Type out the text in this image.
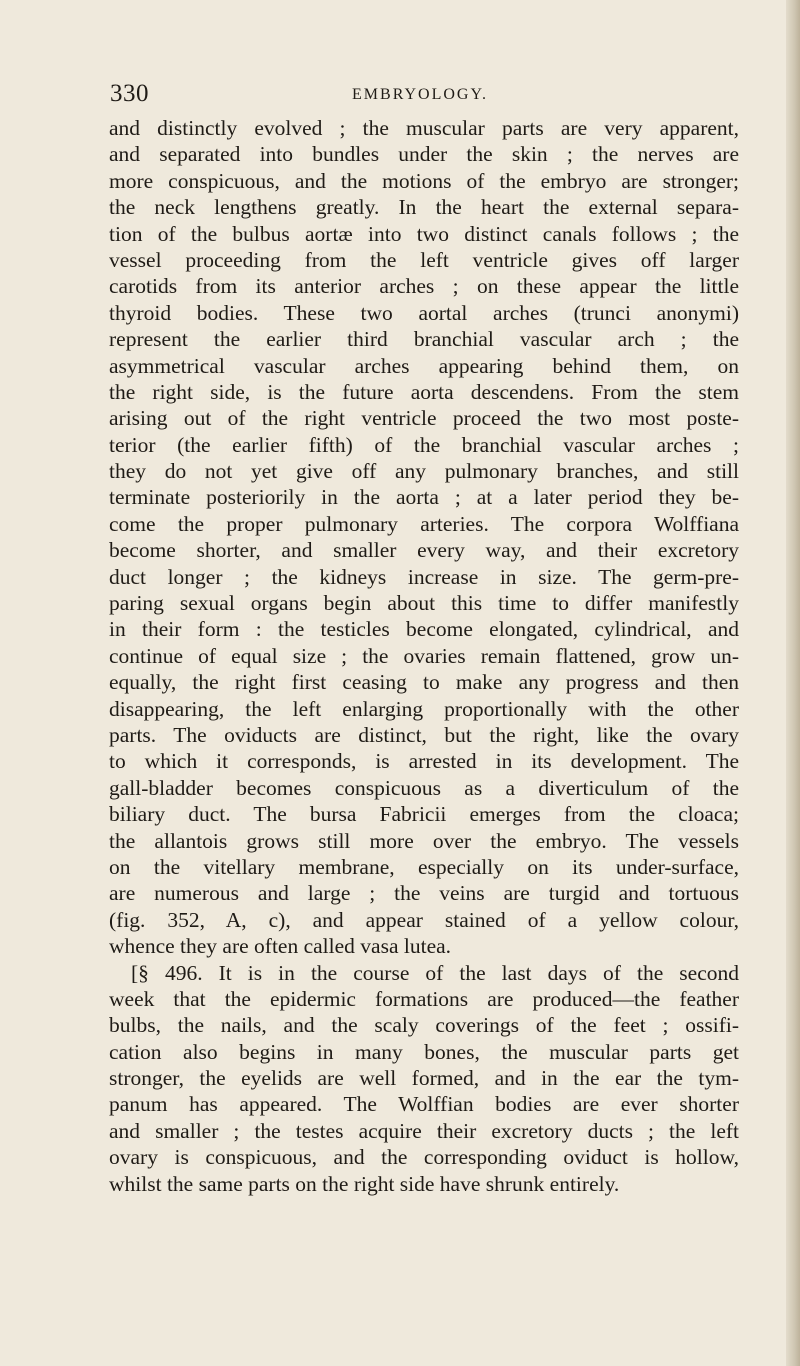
330	EMBRYOLOGY.
and distinctly evolved ; the muscular parts are very apparent,
and separated into bundles under the skin ; the nerves are
more conspicuous, and the motions of the embryo are stronger;
the neck lengthens greatly. In the heart the external separa-
tion of the bulbus aortæ into two distinct canals follows ; the
vessel proceeding from the left ventricle gives off larger
carotids from its anterior arches ; on these appear the little
thyroid bodies. These two aortal arches (trunci anonymi)
represent the earlier third branchial vascular arch ; the
asymmetrical vascular arches appearing behind them, on
the right side, is the future aorta descendens. From the stem
arising out of the right ventricle proceed the two most poste-
terior (the earlier fifth) of the branchial vascular arches ;
they do not yet give off any pulmonary branches, and still
terminate posteriorily in the aorta ; at a later period they be-
come the proper pulmonary arteries. The corpora Wolffiana
become shorter, and smaller every way, and their excretory
duct longer ; the kidneys increase in size. The germ-pre-
paring sexual organs begin about this time to differ manifestly
in their form : the testicles become elongated, cylindrical, and
continue of equal size ; the ovaries remain flattened, grow un-
equally, the right first ceasing to make any progress and then
disappearing, the left enlarging proportionally with the other
parts. The oviducts are distinct, but the right, like the ovary
to which it corresponds, is arrested in its development. The
gall-bladder becomes conspicuous as a diverticulum of the
biliary duct. The bursa Fabricii emerges from the cloaca;
the allantois grows still more over the embryo. The vessels
on the vitellary membrane, especially on its under-surface,
are numerous and large ; the veins are turgid and tortuous
(fig. 352, A, c), and appear stained of a yellow colour,
whence they are often called vasa lutea.
[§ 496. It is in the course of the last days of the second
week that the epidermic formations are produced—the feather
bulbs, the nails, and the scaly coverings of the feet ; ossifi-
cation also begins in many bones, the muscular parts get
stronger, the eyelids are well formed, and in the ear the tym-
panum has appeared. The Wolffian bodies are ever shorter
and smaller ; the testes acquire their excretory ducts ; the left
ovary is conspicuous, and the corresponding oviduct is hollow,
whilst the same parts on the right side have shrunk entirely.
